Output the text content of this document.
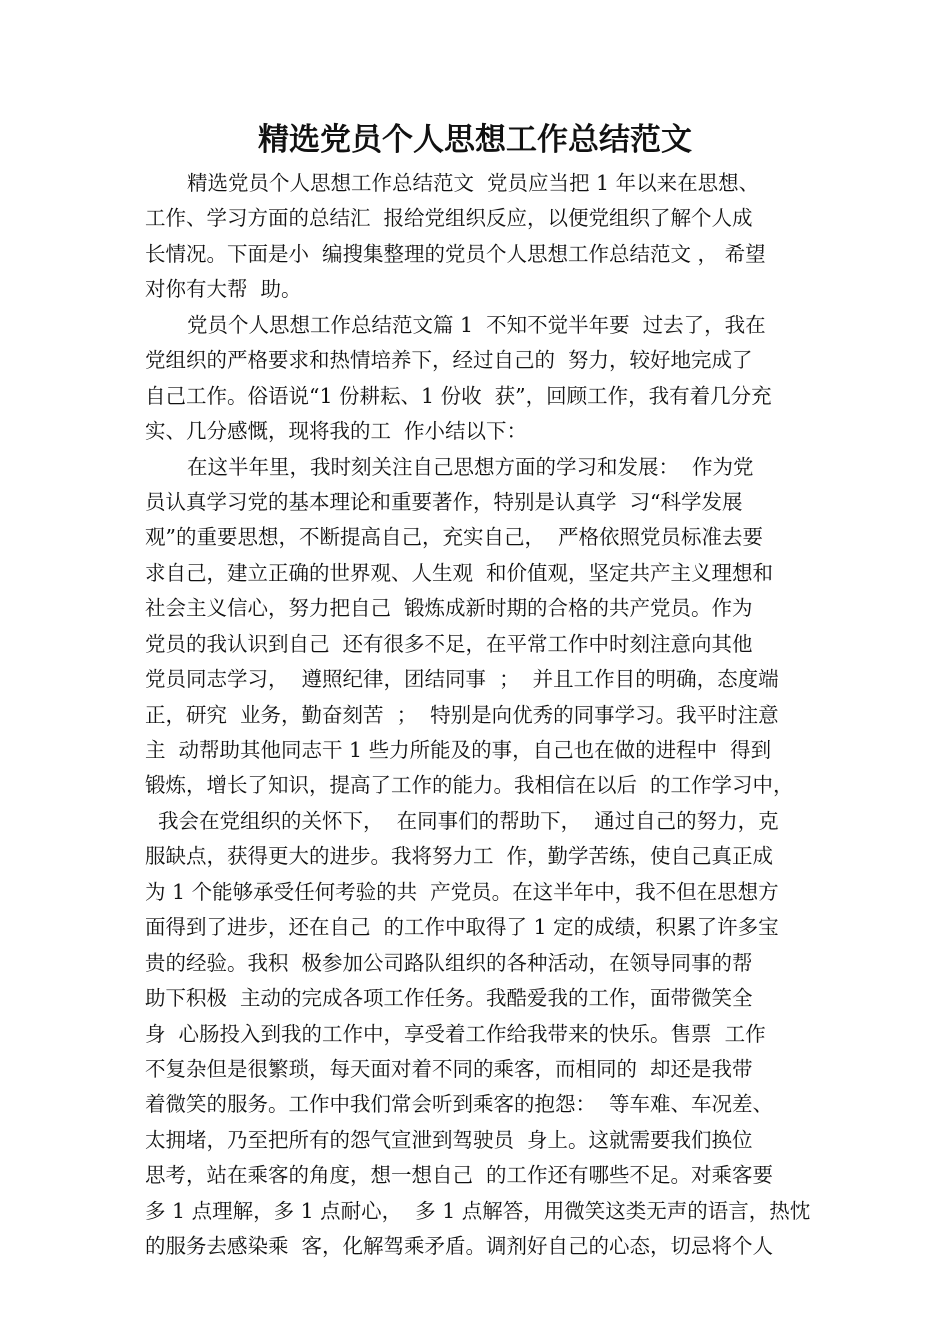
精选党员个人思想工作总结范文
精选党员个人思想工作总结范文  党员应当把 1 年以来在思想、
工作、学习方面的总结汇  报给党组织反应，以便党组织了解个人成
长情况。下面是小  编搜集整理的党员个人思想工作总结范文 ， 希望
对你有大帮  助。
党员个人思想工作总结范文篇 1  不知不觉半年要  过去了，我在
党组织的严格要求和热情培养下，经过自己的  努力，较好地完成了
自己工作。俗语说“1 份耕耘、1 份收  获”，回顾工作，我有着几分充
实、几分感慨，现将我的工  作小结以下：
在这半年里，我时刻关注自己思想方面的学习和发展：  作为党
员认真学习党的基本理论和重要著作，特别是认真学  习“科学发展
观”的重要思想，不断提高自己，充实自己，  严格依照党员标准去要
求自己，建立正确的世界观、人生观  和价值观，坚定共产主义理想和
社会主义信心，努力把自己  锻炼成新时期的合格的共产党员。作为
党员的我认识到自己  还有很多不足，在平常工作中时刻注意向其他
党员同志学习，  遵照纪律，团结同事  ；  并且工作目的明确，态度端
正，研究  业务，勤奋刻苦  ；  特别是向优秀的同事学习。我平时注意
主  动帮助其他同志干 1 些力所能及的事，自己也在做的进程中  得到
锻炼，增长了知识，提高了工作的能力。我相信在以后  的工作学习中，
我会在党组织的关怀下，  在同事们的帮助下，  通过自己的努力，克
服缺点，获得更大的进步。我将努力工  作，勤学苦练，使自己真正成
为 1 个能够承受任何考验的共  产党员。在这半年中，我不但在思想方
面得到了进步，还在自己  的工作中取得了 1 定的成绩，积累了许多宝
贵的经验。我积  极参加公司路队组织的各种活动，在领导同事的帮
助下积极  主动的完成各项工作任务。我酷爱我的工作，面带微笑全
身  心肠投入到我的工作中，享受着工作给我带来的快乐。售票  工作
不复杂但是很繁琐，每天面对着不同的乘客，而相同的  却还是我带
着微笑的服务。工作中我们常会听到乘客的抱怨：  等车难、车况差、
太拥堵，乃至把所有的怨气宣泄到驾驶员  身上。这就需要我们换位
思考，站在乘客的角度，想一想自己  的工作还有哪些不足。对乘客要
多 1 点理解，多 1 点耐心，  多 1 点解答，用微笑这类无声的语言，热忱
的服务去感染乘  客，化解驾乘矛盾。调剂好自己的心态，切忌将个人
